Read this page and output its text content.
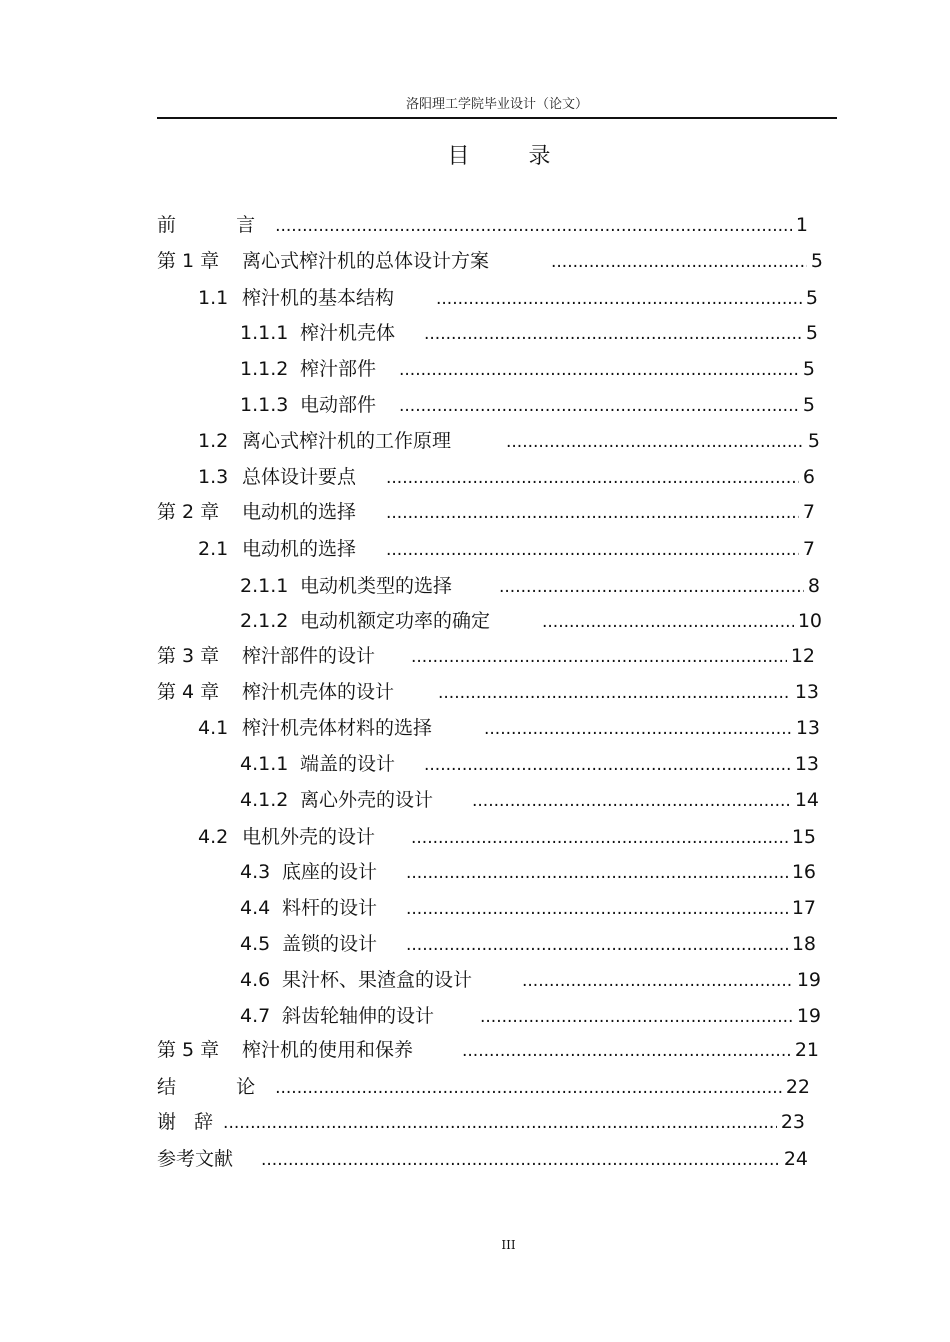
洛阳理工学院毕业设计（论文）
目 录
前  言 .....	1
第 1 章	离心式榨汁机的总体设计方案 .....	5
1.1 榨汁机的基本结构 .....	5
1.1.1 榨汁机壳体 .....	5
1.1.2 榨汁部件 .....	5
1.1.3 电动部件 .....	5
1.2 离心式榨汁机的工作原理 .....	5
1.3 总体设计要点 .....	6
第 2 章	电动机的选择 .....	7
2.1 电动机的选择 .....	7
2.1.1 电动机类型的选择 .....	8
2.1.2 电动机额定功率的确定 .....	10
第 3 章	榨汁部件的设计 .....	12
第 4 章	榨汁机壳体的设计 .....	13
4.1 榨汁机壳体材料的选择 .....	13
4.1.1 端盖的设计 .....	13
4.1.2 离心外壳的设计 .....	14
4.2 电机外壳的设计 .....	15
4.3 底座的设计 .....	16
4.4 料杆的设计 .....	17
4.5 盖锁的设计 .....	18
4.6 果汁杯、果渣盒的设计 .....	19
4.7 斜齿轮轴伸的设计 .....	19
第 5 章	榨汁机的使用和保养 .....	21
结  论 .....	22
谢 辞 .....	23
参考文献 .....	24
III
